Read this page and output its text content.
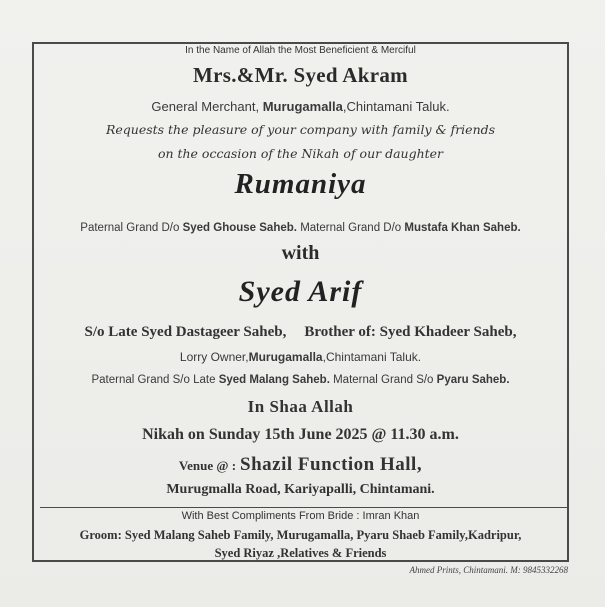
In the Name of Allah the Most Beneficient & Merciful
Mrs.&Mr. Syed Akram
General Merchant, Murugamalla,Chintamani Taluk.
Requests the pleasure of your company with family & friends
on the occasion of the Nikah of our daughter
Rumaniya
Paternal Grand D/o Syed Ghouse Saheb. Maternal Grand D/o Mustafa Khan Saheb.
with
Syed Arif
S/o Late Syed Dastageer Saheb, Brother of: Syed Khadeer Saheb,
Lorry Owner,Murugamalla,Chintamani Taluk.
Paternal Grand S/o Late Syed Malang Saheb. Maternal Grand S/o Pyaru Saheb.
In Shaa Allah
Nikah on Sunday 15th June 2025 @ 11.30 a.m.
Venue @ : Shazil Function Hall,
Murugmalla Road, Kariyapalli, Chintamani.
With Best Compliments From Bride : Imran Khan
Groom: Syed Malang Saheb Family, Murugamalla, Pyaru Shaeb Family,Kadripur,
Syed Riyaz ,Relatives & Friends
Ahmed Prints, Chintamani. M: 9845332268
